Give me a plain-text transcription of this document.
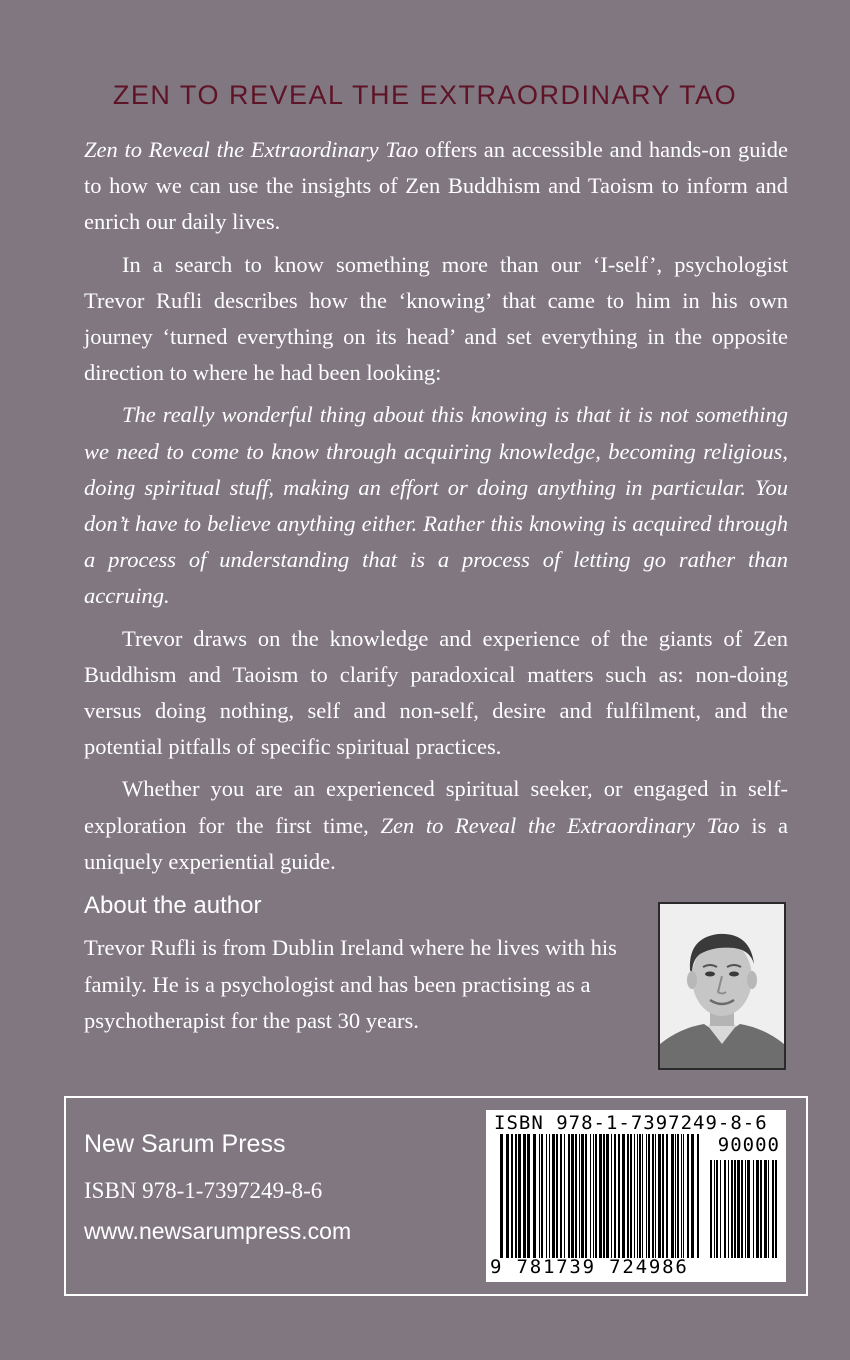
ZEN TO REVEAL THE EXTRAORDINARY TAO

Zen to Reveal the Extraordinary Tao offers an accessible and hands-on guide to how we can use the insights of Zen Buddhism and Taoism to inform and enrich our daily lives.

In a search to know something more than our ‘I-self’, psychologist Trevor Rufli describes how the ‘knowing’ that came to him in his own journey ‘turned everything on its head’ and set everything in the opposite direction to where he had been looking:

The really wonderful thing about this knowing is that it is not something we need to come to know through acquiring knowledge, becoming religious, doing spiritual stuff, making an effort or doing anything in particular. You don’t have to believe anything either. Rather this knowing is acquired through a process of understanding that is a process of letting go rather than accruing.

Trevor draws on the knowledge and experience of the giants of Zen Buddhism and Taoism to clarify paradoxical matters such as: non-doing versus doing nothing, self and non-self, desire and fulfilment, and the potential pitfalls of specific spiritual practices.

Whether you are an experienced spiritual seeker, or engaged in self-exploration for the first time, Zen to Reveal the Extraordinary Tao is a uniquely experiential guide.

About the author
Trevor Rufli is from Dublin Ireland where he lives with his family. He is a psychologist and has been practising as a psychotherapist for the past 30 years.
New Sarum Press
ISBN 978-1-7397249-8-6
www.newsarumpress.com
ISBN 978-1-7397249-8-6
90000
9 781739 724986
